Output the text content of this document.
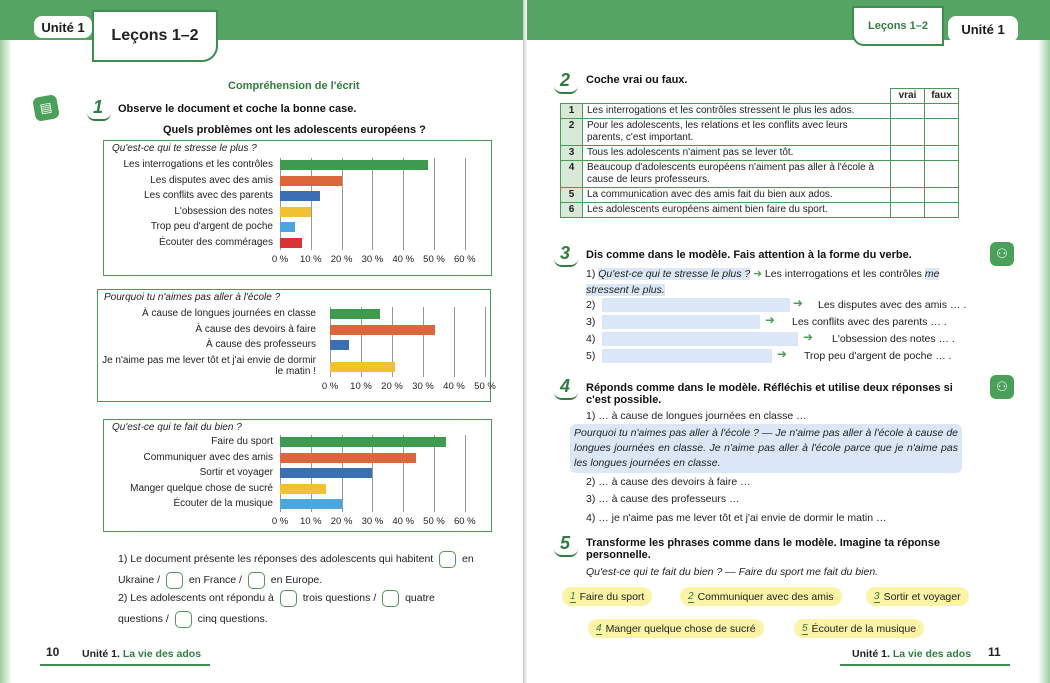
Unité 1	Leçons 1–2
Leçons 1–2	Unité 1
Compréhension de l'écrit
▤	1 Observe le document et coche la bonne case.
Quels problèmes ont les adolescents européens ?
Qu'est-ce qui te stresse le plus ?
0 %	10 % 20 % 30 % 40 % 50 % 60 %
Les interrogations et les contrôles
Les disputes avec des amis
Les conflits avec des parents
L'obsession des notes
Trop peu d'argent de poche
Écouter des commérages
Pourquoi tu n'aimes pas aller à l'école ?
0 %	10 % 20 % 30 % 40 % 50 %
À cause de longues journées en classe
À cause des devoirs à faire
À cause des professeurs
Je n'aime pas me lever tôt et j'ai envie de dormir le matin !
Qu'est-ce qui te fait du bien ?
0 %	10 % 20 % 30 % 40 % 50 % 60 %
Faire du sport
Communiquer avec des amis
Sortir et voyager
Manger quelque chose de sucré
Écouter de la musique
1) Le document présente les réponses des adolescents qui habitent  en
Ukraine /  en France /  en Europe.
2) Les adolescents ont répondu à  trois questions /  quatre
questions /  cinq questions.
10 Unité 1. La vie des ados
2 Coche vrai ou faux.
		vrai	faux
1	Les interrogations et les contrôles stressent le plus les ados.		
2	Pour les adolescents, les relations et les conflits avec leurs parents, c'est important.		
3	Tous les adolescents n'aiment pas se lever tôt.		
4	Beaucoup d'adolescents européens n'aiment pas aller à l'école à cause de leurs professeurs.		
5	La communication avec des amis fait du bien aux ados.		
6	Les adolescents européens aiment bien faire du sport.		
⚇
⚇
3 Dis comme dans le modèle. Fais attention à la forme du verbe.
1) Qu'est-ce qui te stresse le plus ? ➜ Les interrogations et les contrôles me stressent le plus.
2)	➜ Les disputes avec des amis … .
3)	➜ Les conflits avec des parents … .
4)	➜ L'obsession des notes … .
5)	➜ Trop peu d'argent de poche … .
4 Réponds comme dans le modèle. Réfléchis et utilise deux réponses si c'est possible.
1) … à cause de longues journées en classe …
Pourquoi tu n'aimes pas aller à l'école ? — Je n'aime pas aller à l'école à cause de longues journées en classe. Je n'aime pas aller à l'école parce que je n'aime pas les longues journées en classe.
2) … à cause des devoirs à faire …
3) … à cause des professeurs …
4) … je n'aime pas me lever tôt et j'ai envie de dormir le matin …
5 Transforme les phrases comme dans le modèle. Imagine ta réponse personnelle.
Qu'est-ce qui te fait du bien ? — Faire du sport me fait du bien.
1 Faire du sport	2 Communiquer avec des amis	3 Sortir et voyager
4 Manger quelque chose de sucré	5 Écouter de la musique
Unité 1. La vie des ados 11
